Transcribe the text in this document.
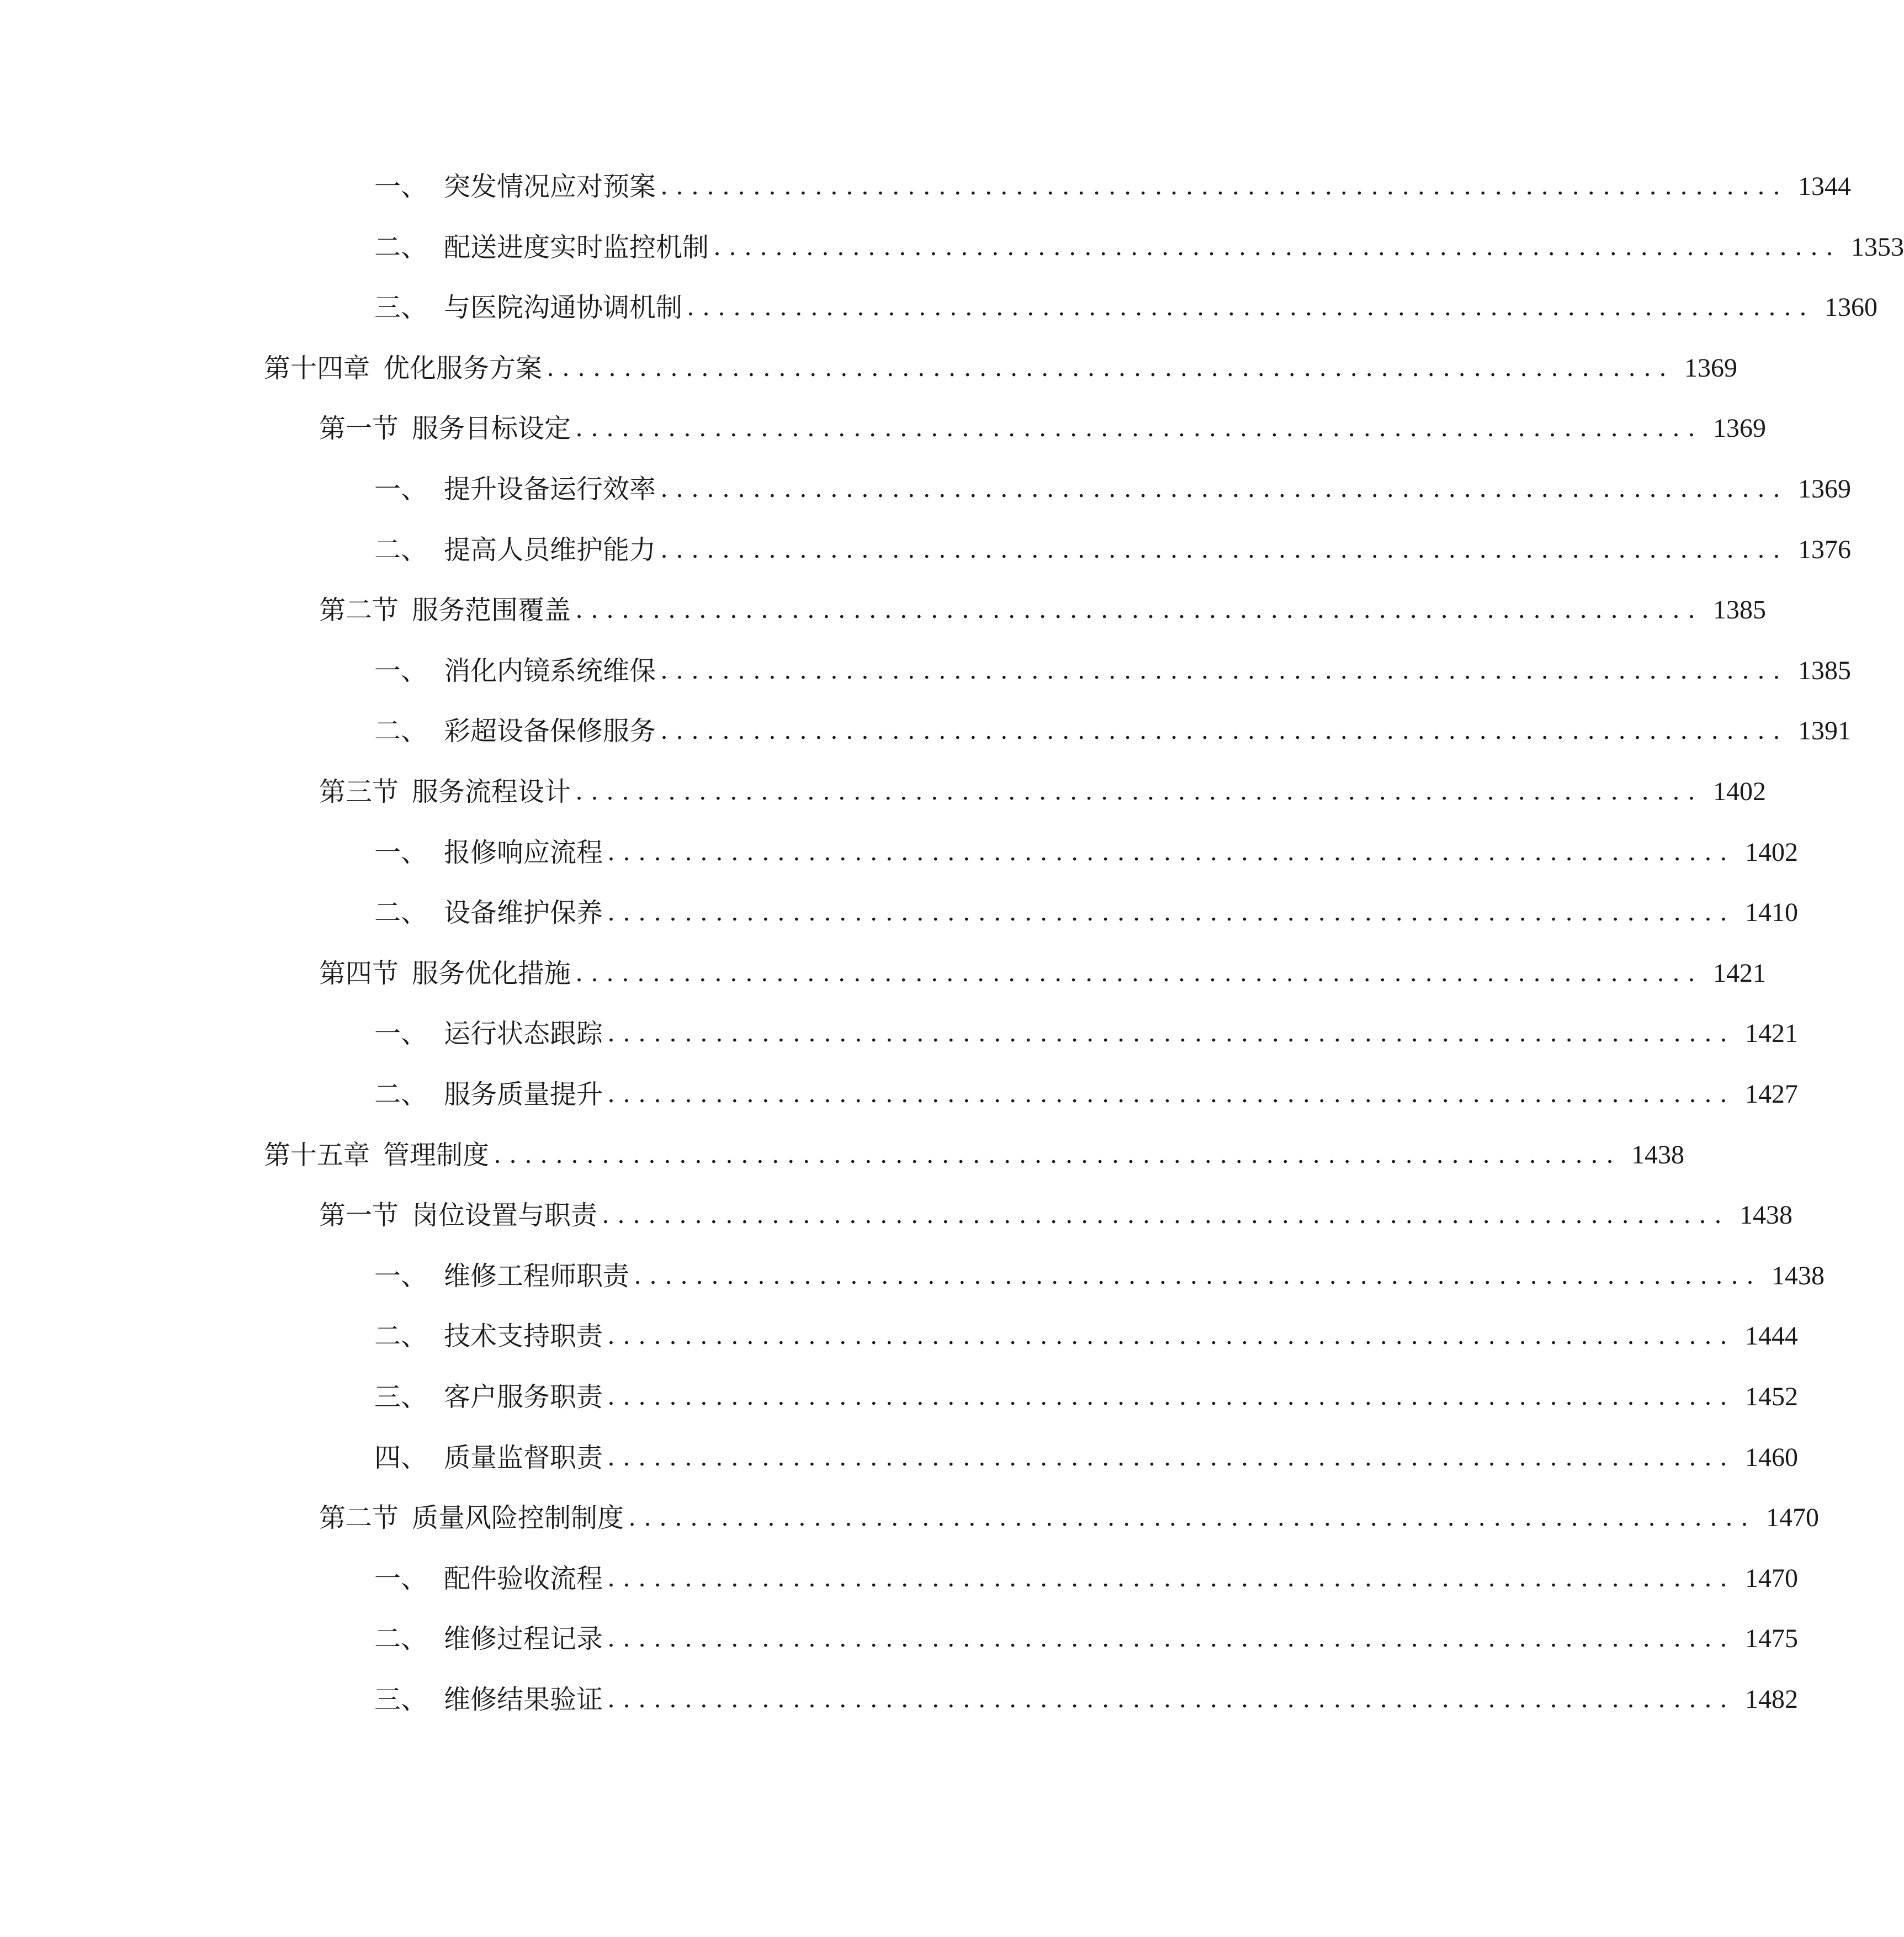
一、 突发情况应对预案 ......................................................................... 1344
二、 配送进度实时监控机制 ......................................................................... 1353
三、 与医院沟通协调机制 ......................................................................... 1360
第十四章 优化服务方案 ......................................................................... 1369
第一节 服务目标设定 ......................................................................... 1369
一、 提升设备运行效率 ......................................................................... 1369
二、 提高人员维护能力 ......................................................................... 1376
第二节 服务范围覆盖 ......................................................................... 1385
一、 消化内镜系统维保 ......................................................................... 1385
二、 彩超设备保修服务 ......................................................................... 1391
第三节 服务流程设计 ......................................................................... 1402
一、 报修响应流程 ......................................................................... 1402
二、 设备维护保养 ......................................................................... 1410
第四节 服务优化措施 ......................................................................... 1421
一、 运行状态跟踪 ......................................................................... 1421
二、 服务质量提升 ......................................................................... 1427
第十五章 管理制度 ......................................................................... 1438
第一节 岗位设置与职责 ......................................................................... 1438
一、 维修工程师职责 ......................................................................... 1438
二、 技术支持职责 ......................................................................... 1444
三、 客户服务职责 ......................................................................... 1452
四、 质量监督职责 ......................................................................... 1460
第二节 质量风险控制制度 ......................................................................... 1470
一、 配件验收流程 ......................................................................... 1470
二、 维修过程记录 ......................................................................... 1475
三、 维修结果验证 ......................................................................... 1482
